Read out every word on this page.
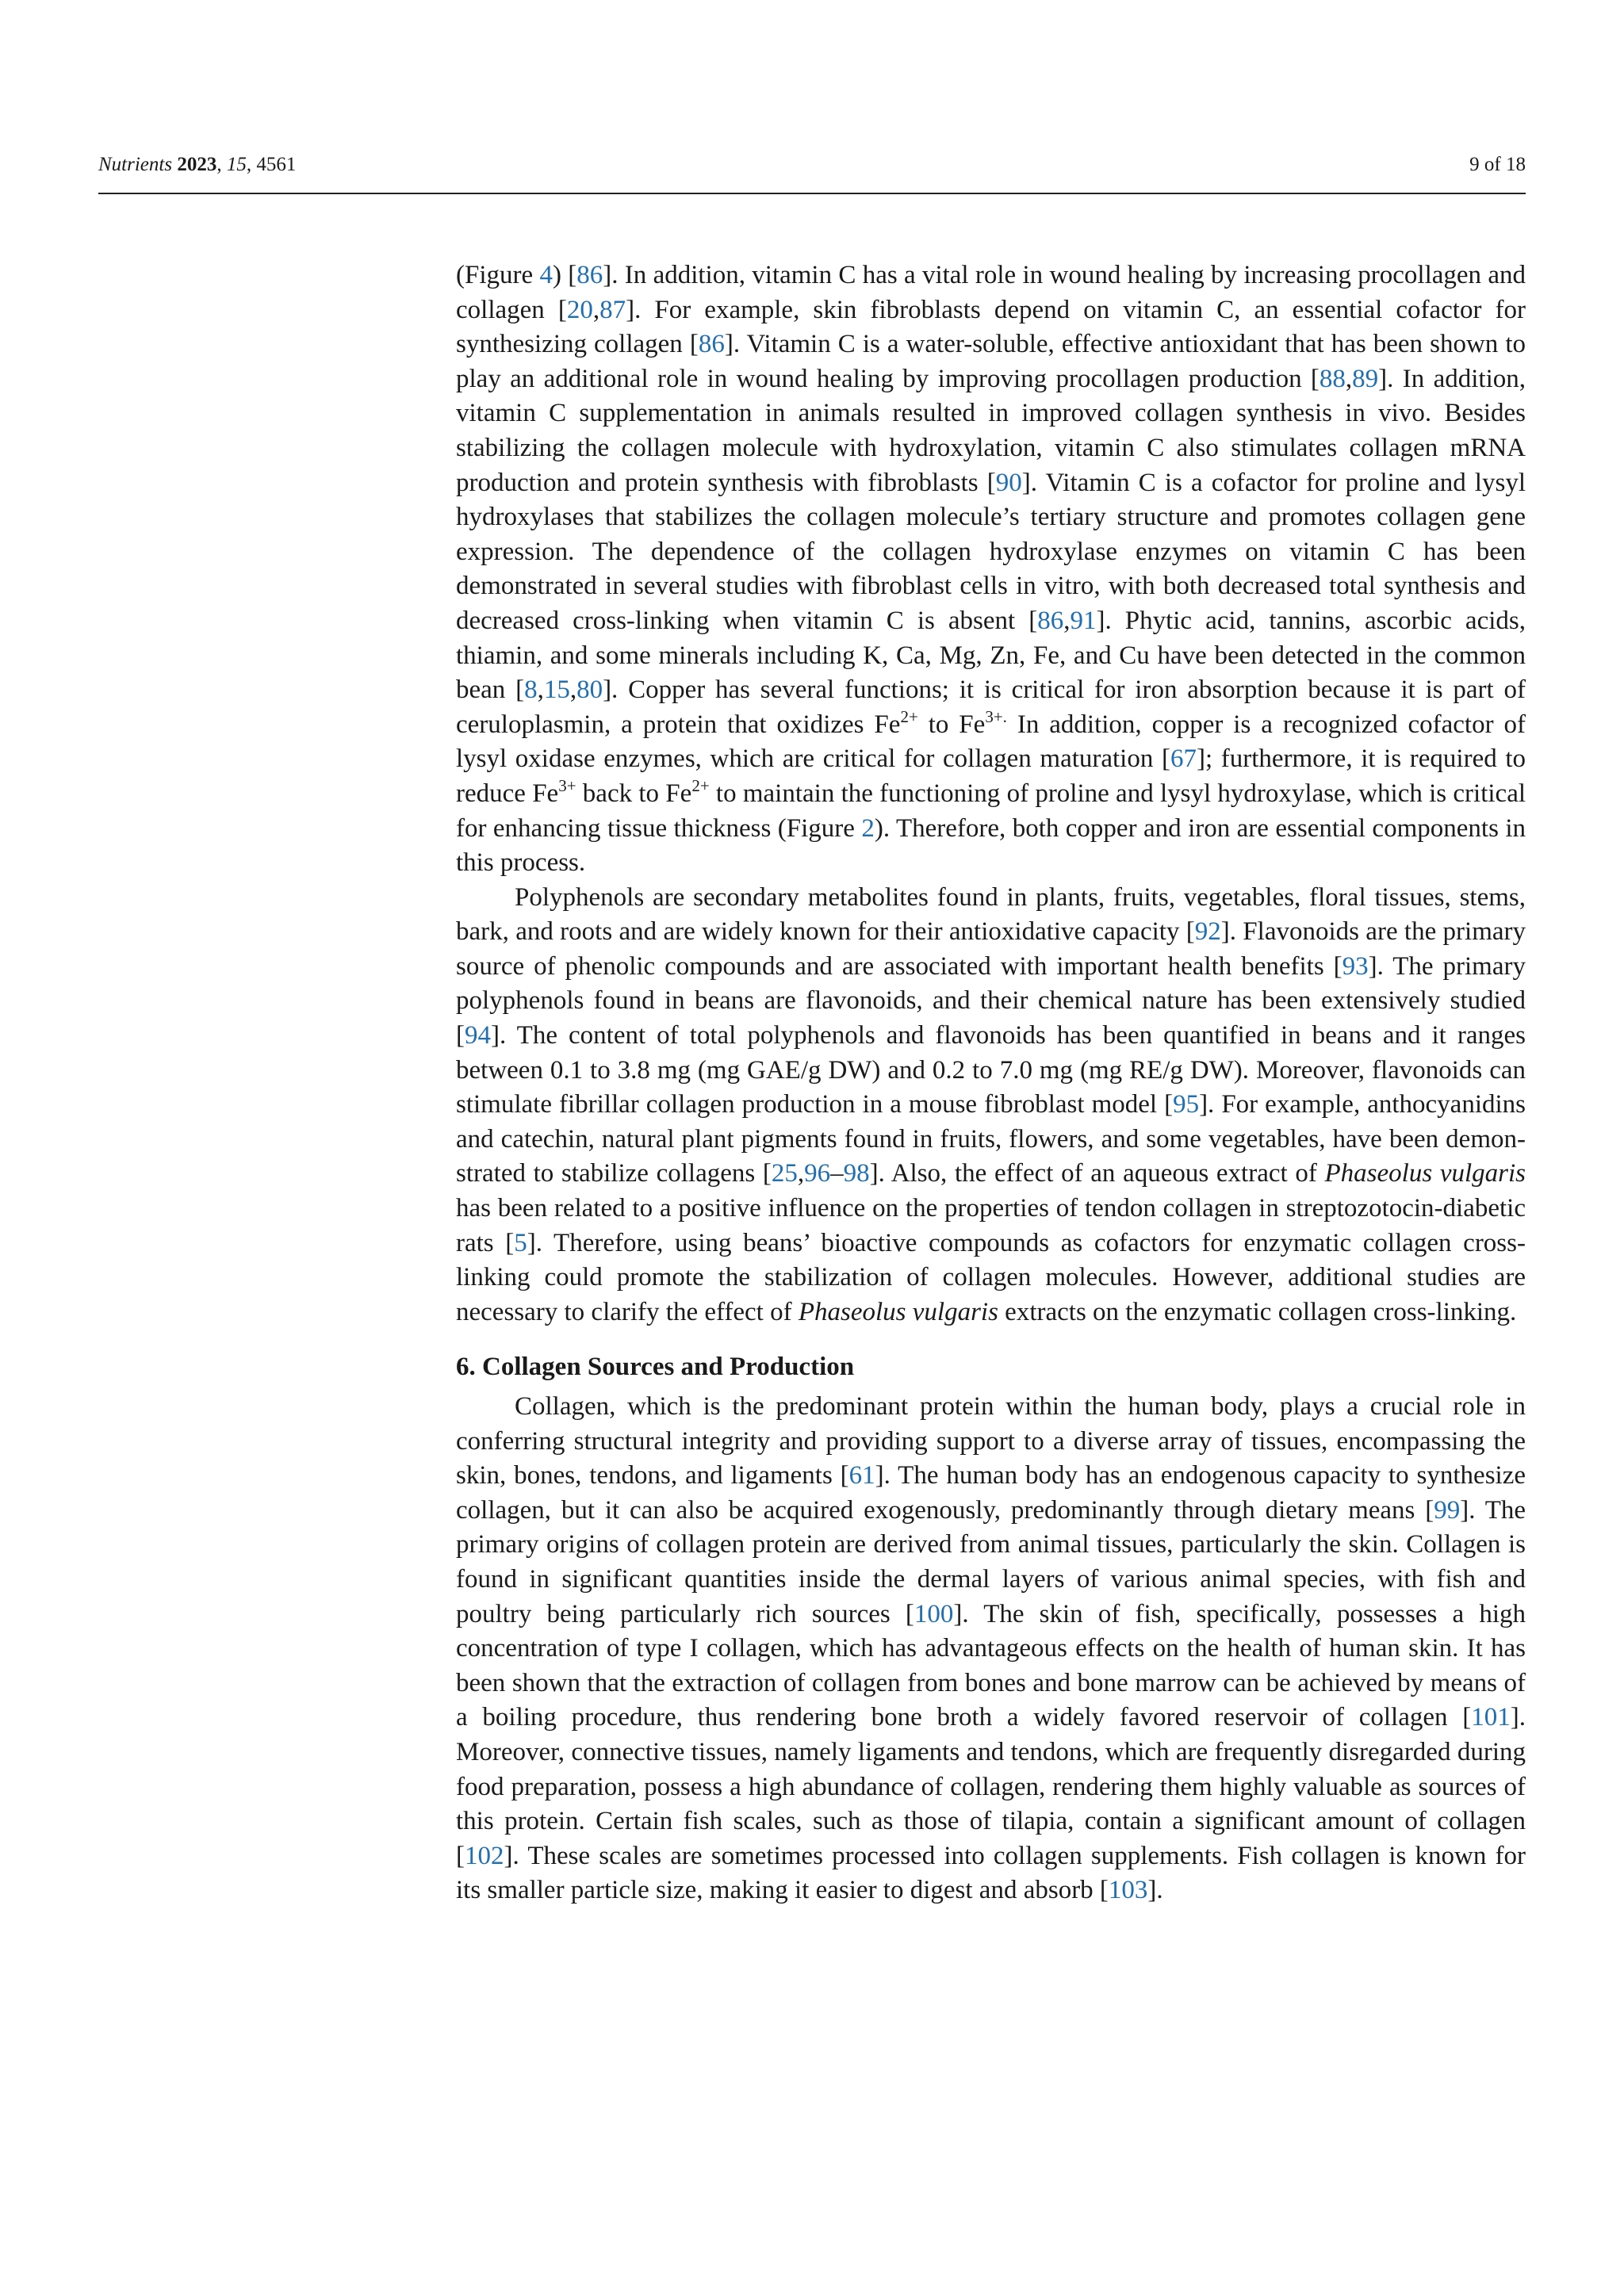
Nutrients 2023, 15, 4561	9 of 18

(Figure 4) [86]. In addition, vitamin C has a vital role in wound healing by increasing procollagen and collagen [20,87]. For example, skin fibroblasts depend on vitamin C, an essential cofactor for synthesizing collagen [86]. Vitamin C is a water-soluble, effective antioxidant that has been shown to play an additional role in wound healing by improving procollagen production [88,89]. In addition, vitamin C supplementation in animals resulted in improved collagen synthesis in vivo. Besides stabilizing the collagen molecule with hydroxylation, vitamin C also stimulates collagen mRNA production and protein synthesis with fibroblasts [90]. Vitamin C is a cofactor for proline and lysyl hydroxylases that stabilizes the collagen molecule’s tertiary structure and promotes collagen gene expression. The dependence of the collagen hydroxylase enzymes on vitamin C has been demonstrated in several studies with fibroblast cells in vitro, with both decreased total synthesis and decreased cross-linking when vitamin C is absent [86,91]. Phytic acid, tannins, ascorbic acids, thiamin, and some minerals including K, Ca, Mg, Zn, Fe, and Cu have been detected in the common bean [8,15,80]. Copper has several functions; it is critical for iron absorption because it is part of ceruloplasmin, a protein that oxidizes $Fe^{2+}$ to $Fe^{3+.}$ In addition, copper is a recognized cofactor of lysyl oxidase enzymes, which are critical for collagen maturation [67]; furthermore, it is required to reduce $Fe^{3+}$ back to $Fe^{2+}$ to maintain the functioning of proline and lysyl hydroxylase, which is critical for enhancing tissue thickness (Figure 2). Therefore, both copper and iron are essential components in this process.

Polyphenols are secondary metabolites found in plants, fruits, vegetables, floral tissues, stems, bark, and roots and are widely known for their antioxidative capacity [92]. Flavonoids are the primary source of phenolic compounds and are associated with important health benefits [93]. The primary polyphenols found in beans are flavonoids, and their chemical nature has been extensively studied [94]. The content of total polyphenols and flavonoids has been quantified in beans and it ranges between 0.1 to 3.8 mg (mg GAE/g DW) and 0.2 to 7.0 mg (mg RE/g DW). Moreover, flavonoids can stimulate fibrillar collagen production in a mouse fibroblast model [95]. For example, anthocyanidins and catechin, natural plant pigments found in fruits, flowers, and some vegetables, have been demonstrated to stabilize collagens [25,96–98]. Also, the effect of an aqueous extract of Phaseolus vulgaris has been related to a positive influence on the properties of tendon collagen in streptozotocin-diabetic rats [5]. Therefore, using beans’ bioactive compounds as cofactors for enzymatic collagen cross-linking could promote the stabilization of collagen molecules. However, additional studies are necessary to clarify the effect of Phaseolus vulgaris extracts on the enzymatic collagen cross-linking.

6. Collagen Sources and Production

Collagen, which is the predominant protein within the human body, plays a crucial role in conferring structural integrity and providing support to a diverse array of tissues, encompassing the skin, bones, tendons, and ligaments [61]. The human body has an endogenous capacity to synthesize collagen, but it can also be acquired exogenously, predominantly through dietary means [99]. The primary origins of collagen protein are derived from animal tissues, particularly the skin. Collagen is found in significant quantities inside the dermal layers of various animal species, with fish and poultry being particularly rich sources [100]. The skin of fish, specifically, possesses a high concentration of type I collagen, which has advantageous effects on the health of human skin. It has been shown that the extraction of collagen from bones and bone marrow can be achieved by means of a boiling procedure, thus rendering bone broth a widely favored reservoir of collagen [101]. Moreover, connective tissues, namely ligaments and tendons, which are frequently disregarded during food preparation, possess a high abundance of collagen, rendering them highly valuable as sources of this protein. Certain fish scales, such as those of tilapia, contain a significant amount of collagen [102]. These scales are sometimes processed into collagen supplements. Fish collagen is known for its smaller particle size, making it easier to digest and absorb [103].
